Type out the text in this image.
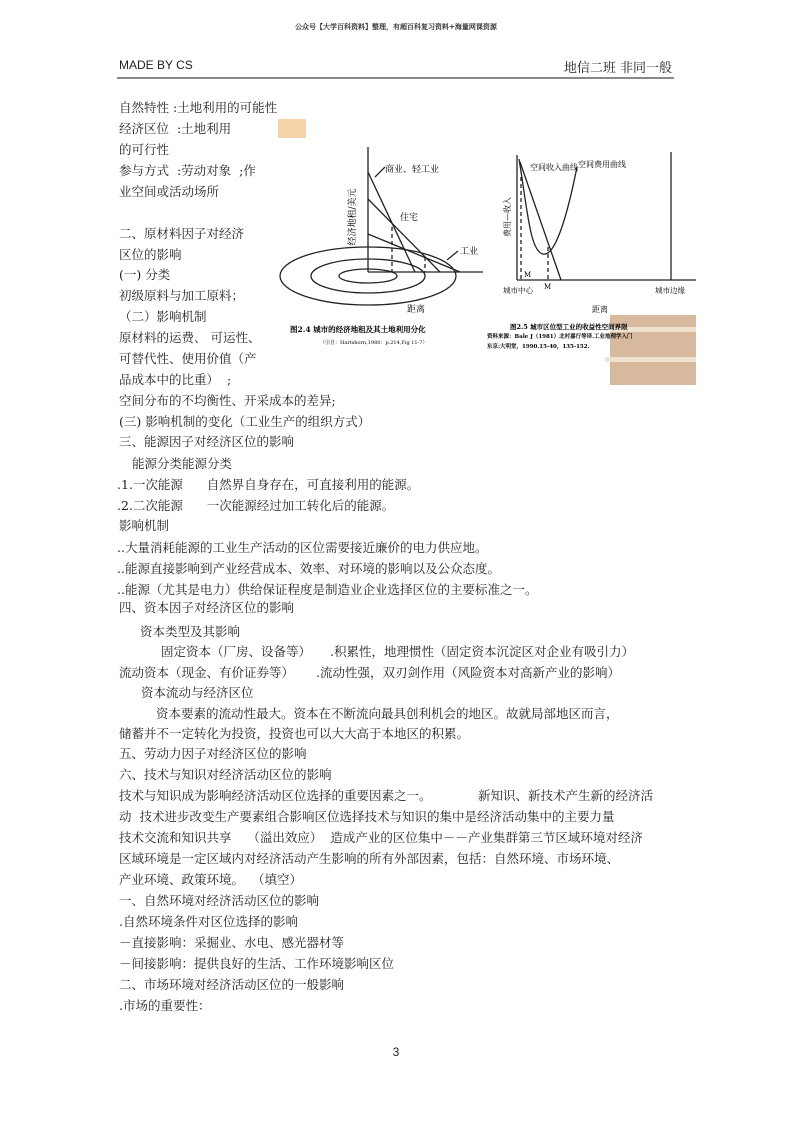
公众号【大学百科资料】整理，有超百科复习资料+海量网课资源
MADE BY CS	地信二班 非同一般
经济地租/美元
商业、轻工业
住宅
工业
距离
图2.4 城市的经济地租及其土地利用分化
（引自：Hartshorn,1980：p.214,Fig 11-7）
空间收入曲线 空间费用曲线
费用—收入
M
M
城市中心	城市边缘
距离
图2.5 城市区位型工业的收益性空间界限
资料来源：Bale J（1981）北村嘉行等译.工业地理学入门
东京:大明堂，1990.15-40，135-152.
自然特性 :土地利用的可能性
经济区位  :土地利用
的可行性
参与方式  :劳动对象  ;作
业空间或活动场所
二、原材料因子对经济
区位的影响
(一) 分类
初级原料与加工原料；
（二）影响机制
原材料的运费、 可运性、
可替代性、使用价值（产
品成本中的比重）  ;
空间分布的不均衡性、开采成本的差异;
(三) 影响机制的变化（工业生产的组织方式）
三、能源因子对经济区位的影响
能源分类能源分类
.1.一次能源      自然界自身存在，可直接利用的能源。
.2.二次能源      一次能源经过加工转化后的能源。
影响机制
..大量消耗能源的工业生产活动的区位需要接近廉价的电力供应地。
..能源直接影响到产业经营成本、效率、对环境的影响以及公众态度。
..能源（尤其是电力）供给保证程度是制造业企业选择区位的主要标准之一。
四、资本因子对经济区位的影响
资本类型及其影响
固定资本（厂房、设备等） .积累性，地理惯性（固定资本沉淀区对企业有吸引力）
流动资本（现金、有价证券等） .流动性强，双刃剑作用（风险资本对高新产业的影响）
资本流动与经济区位
资本要素的流动性最大。资本在不断流向最具创利机会的地区。故就局部地区而言，
储蓄并不一定转化为投资，投资也可以大大高于本地区的积累。
五、劳动力因子对经济区位的影响
六、技术与知识对经济活动区位的影响
技术与知识成为影响经济活动区位选择的重要因素之一。	新知识、新技术产生新的经济活
动  技术进步改变生产要素组合影响区位选择技术与知识的集中是经济活动集中的主要力量
技术交流和知识共享    （溢出效应）  造成产业的区位集中－－产业集群第三节区域环境对经济
区域环境是一定区域内对经济活动产生影响的所有外部因素，包括：自然环境、市场环境、
产业环境、政策环境。  （填空）
一、自然环境对经济活动区位的影响
.自然环境条件对区位选择的影响
－直接影响：采掘业、水电、感光器材等
－间接影响：提供良好的生活、工作环境影响区位
二、市场环境对经济活动区位的一般影响
.市场的重要性：
3
